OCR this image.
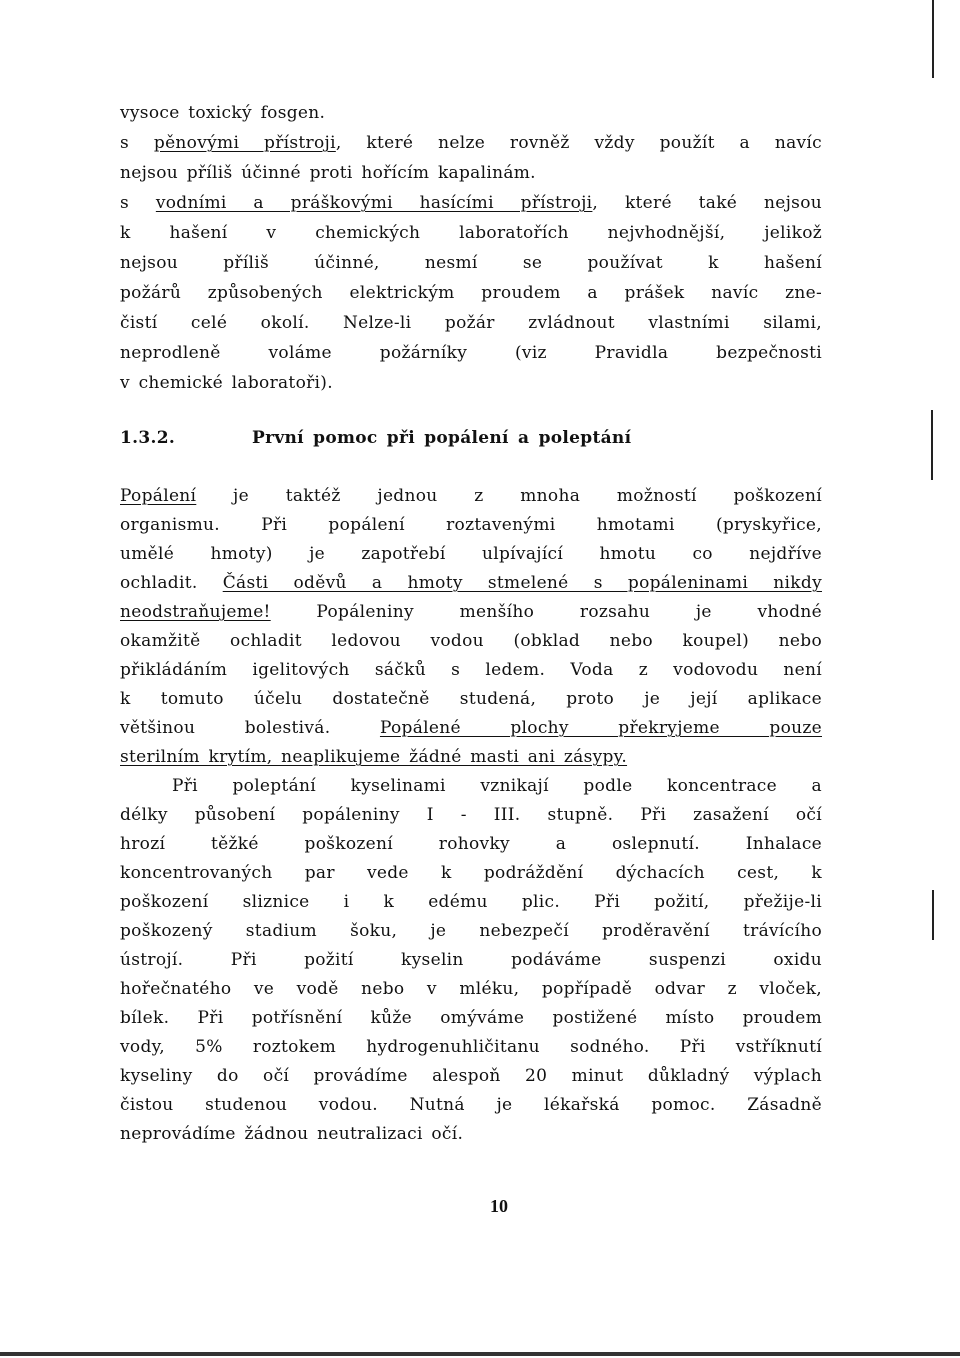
vysoce toxický fosgen.
s pěnovými přístroji, které nelze rovněž vždy použít a navíc
nejsou příliš účinné proti hořícím kapalinám.
s vodními a práškovými hasícími přístroji, které také nejsou
k hašení v chemických laboratořích nejvhodnější, jelikož
nejsou příliš účinné, nesmí se používat k hašení
požárů způsobených elektrickým proudem a prášek navíc zne-
čistí celé okolí. Nelze-li požár zvládnout vlastními silami,
neprodleně voláme požárníky (viz Pravidla bezpečnosti
v chemické laboratoři).
1.3.2.	První pomoc při popálení a poleptání
Popálení je taktéž jednou z mnoha možností poškození
organismu. Při popálení roztavenými hmotami (pryskyřice,
umělé hmoty) je zapotřebí ulpívající hmotu co nejdříve
ochladit. Části oděvů a hmoty stmelené s popáleninami nikdy
neodstraňujeme! Popáleniny menšího rozsahu je vhodné
okamžitě ochladit ledovou vodou (obklad nebo koupel) nebo
přikládáním igelitových sáčků s ledem. Voda z vodovodu není
k tomuto účelu dostatečně studená, proto je její aplikace
většinou bolestivá. Popálené plochy překryjeme pouze
sterilním krytím, neaplikujeme žádné masti ani zásypy.
Při poleptání kyselinami vznikají podle koncentrace a
délky působení popáleniny I - III. stupně. Při zasažení očí
hrozí těžké poškození rohovky a oslepnutí. Inhalace
koncentrovaných par vede k podráždění dýchacích cest, k
poškození sliznice i k edému plic. Při požití, přežije-li
poškozený stadium šoku, je nebezpečí proděravění trávícího
ústrojí. Při požití kyselin podáváme suspenzi oxidu
hořečnatého ve vodě nebo v mléku, popřípadě odvar z vloček,
bílek. Při potřísnění kůže omýváme postižené místo proudem
vody, 5% roztokem hydrogenuhličitanu sodného. Při vstříknutí
kyseliny do očí provádíme alespoň 20 minut důkladný výplach
čistou studenou vodou. Nutná je lékařská pomoc. Zásadně
neprovádíme žádnou neutralizaci očí.
10
